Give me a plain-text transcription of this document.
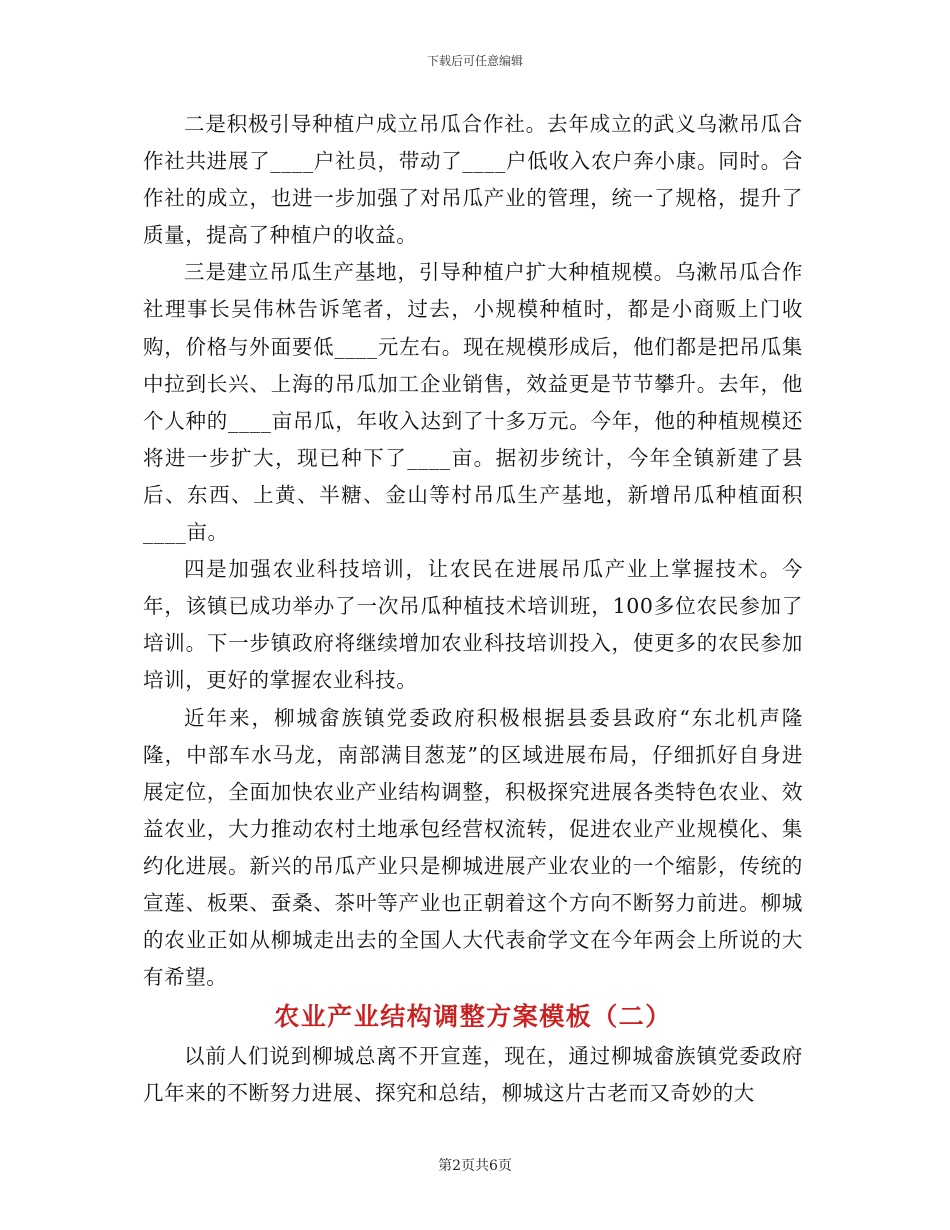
下载后可任意编辑

二是积极引导种植户成立吊瓜合作社。去年成立的武义乌漱吊瓜合作社共进展了____户社员，带动了____户低收入农户奔小康。同时。合作社的成立，也进一步加强了对吊瓜产业的管理，统一了规格，提升了质量，提高了种植户的收益。

三是建立吊瓜生产基地，引导种植户扩大种植规模。乌漱吊瓜合作社理事长吴伟林告诉笔者，过去，小规模种植时，都是小商贩上门收购，价格与外面要低____元左右。现在规模形成后，他们都是把吊瓜集中拉到长兴、上海的吊瓜加工企业销售，效益更是节节攀升。去年，他个人种的____亩吊瓜，年收入达到了十多万元。今年，他的种植规模还将进一步扩大，现已种下了____亩。据初步统计，今年全镇新建了县后、东西、上黄、半糖、金山等村吊瓜生产基地，新增吊瓜种植面积____亩。

四是加强农业科技培训，让农民在进展吊瓜产业上掌握技术。今年，该镇已成功举办了一次吊瓜种植技术培训班，100多位农民参加了培训。下一步镇政府将继续增加农业科技培训投入，使更多的农民参加培训，更好的掌握农业科技。

近年来，柳城畲族镇党委政府积极根据县委县政府“东北机声隆隆，中部车水马龙，南部满目葱茏”的区域进展布局，仔细抓好自身进展定位，全面加快农业产业结构调整，积极探究进展各类特色农业、效益农业，大力推动农村土地承包经营权流转，促进农业产业规模化、集约化进展。新兴的吊瓜产业只是柳城进展产业农业的一个缩影，传统的宣莲、板栗、蚕桑、茶叶等产业也正朝着这个方向不断努力前进。柳城的农业正如从柳城走出去的全国人大代表俞学文在今年两会上所说的大有希望。

农业产业结构调整方案模板（二）

以前人们说到柳城总离不开宣莲，现在，通过柳城畲族镇党委政府几年来的不断努力进展、探究和总结，柳城这片古老而又奇妙的大

第2页共6页
